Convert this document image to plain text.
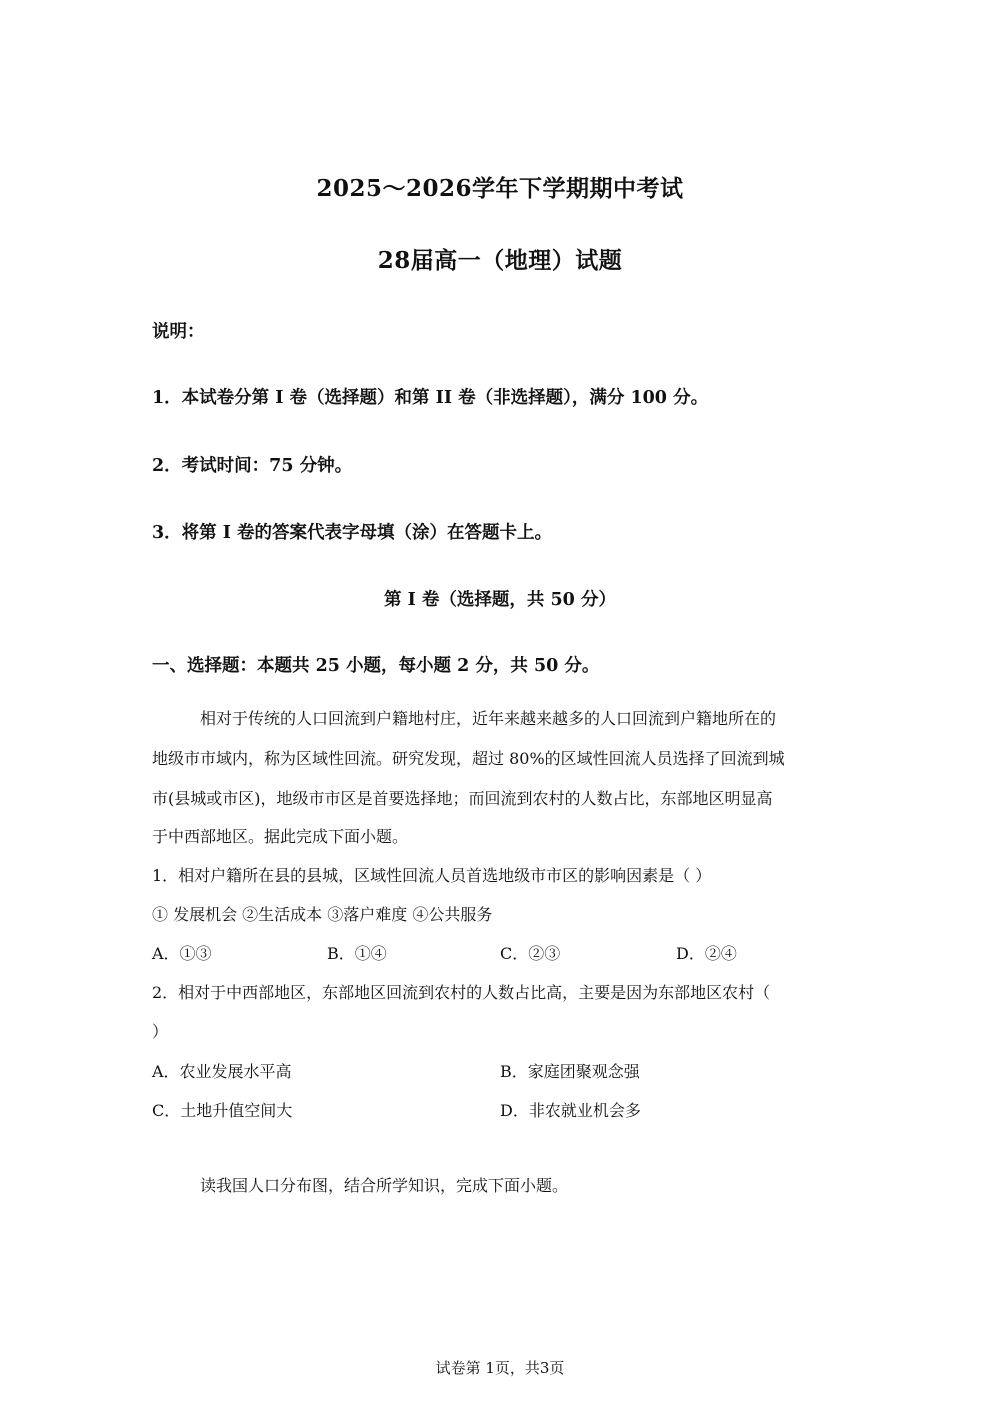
2025～2026学年下学期期中考试
28届高一（地理）试题
说明：
1．本试卷分第 I 卷（选择题）和第 II 卷（非选择题），满分 100 分。
2．考试时间：75 分钟。
3．将第 I 卷的答案代表字母填（涂）在答题卡上。
第 I 卷（选择题，共 50 分）
一、选择题：本题共 25 小题，每小题 2 分，共 50 分。
相对于传统的人口回流到户籍地村庄，近年来越来越多的人口回流到户籍地所在的
地级市市域内，称为区域性回流。研究发现，超过 80%的区域性回流人员选择了回流到城
市(县城或市区)，地级市市区是首要选择地；而回流到农村的人数占比，东部地区明显高
于中西部地区。据此完成下面小题。
1．相对户籍所在县的县城，区域性回流人员首选地级市市区的影响因素是（ ）
① 发展机会 ②生活成本 ③落户难度 ④公共服务
A．①③	B．①④	C．②③	D．②④
2．相对于中西部地区，东部地区回流到农村的人数占比高，主要是因为东部地区农村（
）
A．农业发展水平高	B．家庭团聚观念强
C．土地升值空间大	D．非农就业机会多
读我国人口分布图，结合所学知识，完成下面小题。
试卷第 1页，共3页
